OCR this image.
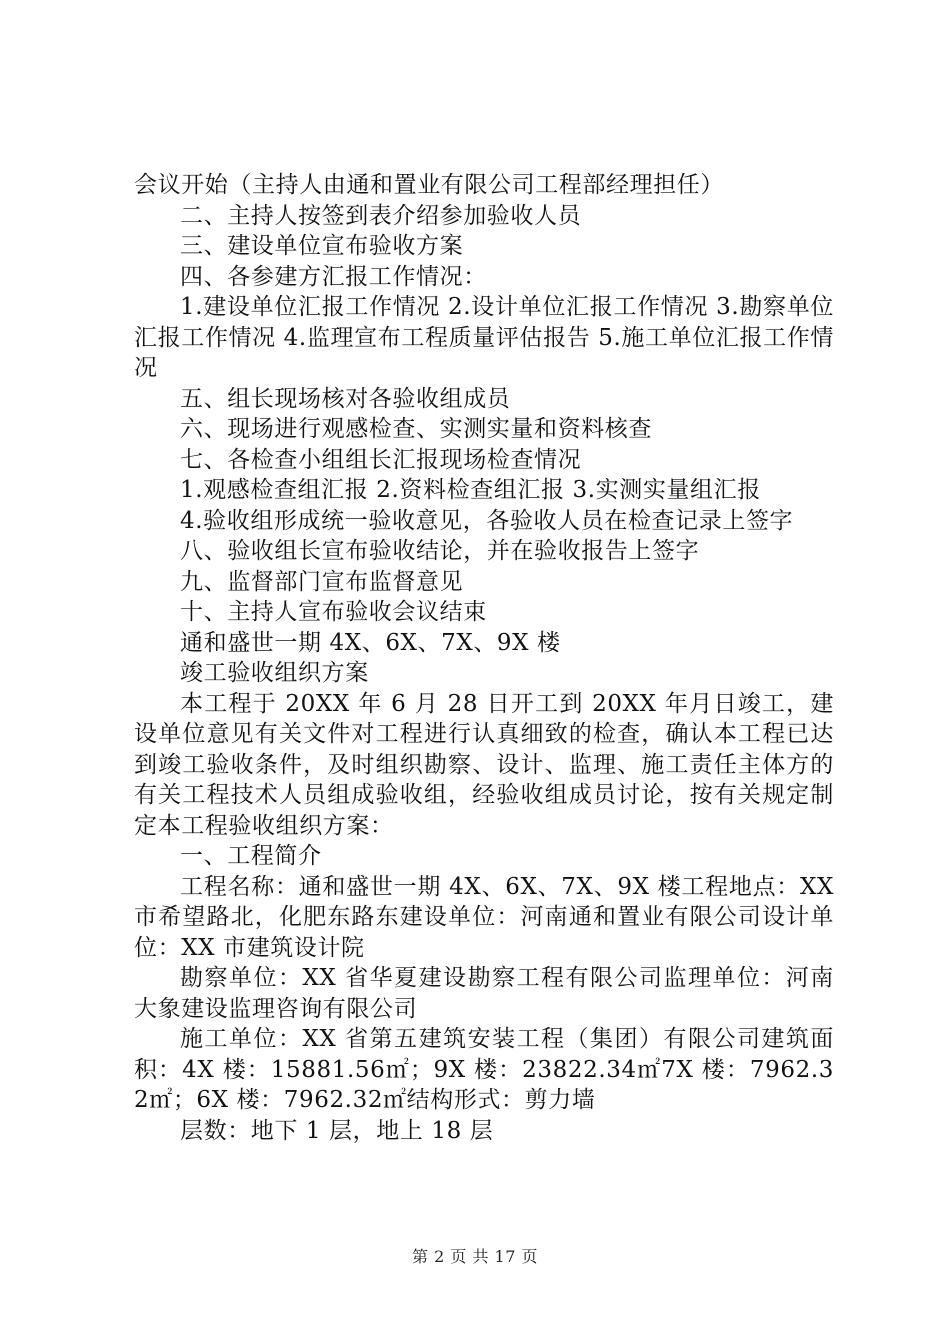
会议开始（主持人由通和置业有限公司工程部经理担任）

二、主持人按签到表介绍参加验收人员

三、建设单位宣布验收方案

四、各参建方汇报工作情况：

1.建设单位汇报工作情况 2.设计单位汇报工作情况 3.勘察单位汇报工作情况 4.监理宣布工程质量评估报告 5.施工单位汇报工作情况

五、组长现场核对各验收组成员

六、现场进行观感检查、实测实量和资料核查

七、各检查小组组长汇报现场检查情况

1.观感检查组汇报 2.资料检查组汇报 3.实测实量组汇报

4.验收组形成统一验收意见，各验收人员在检查记录上签字

八、验收组长宣布验收结论，并在验收报告上签字

九、监督部门宣布监督意见

十、主持人宣布验收会议结束

通和盛世一期 4X、6X、7X、9X 楼

竣工验收组织方案

本工程于 20XX 年 6 月 28 日开工到 20XX 年月日竣工，建设单位意见有关文件对工程进行认真细致的检查，确认本工程已达到竣工验收条件，及时组织勘察、设计、监理、施工责任主体方的有关工程技术人员组成验收组，经验收组成员讨论，按有关规定制定本工程验收组织方案：

一、工程简介

工程名称：通和盛世一期 4X、6X、7X、9X 楼工程地点：XX 市希望路北，化肥东路东建设单位：河南通和置业有限公司设计单位：XX 市建筑设计院

勘察单位：XX 省华夏建设勘察工程有限公司监理单位：河南大象建设监理咨询有限公司

施工单位：XX 省第五建筑安装工程（集团）有限公司建筑面积：4X 楼：15881.56㎡；9X 楼：23822.34㎡7X 楼：7962.32㎡；6X 楼：7962.32㎡结构形式：剪力墙

层数：地下 1 层，地上 18 层

第 2 页 共 17 页
